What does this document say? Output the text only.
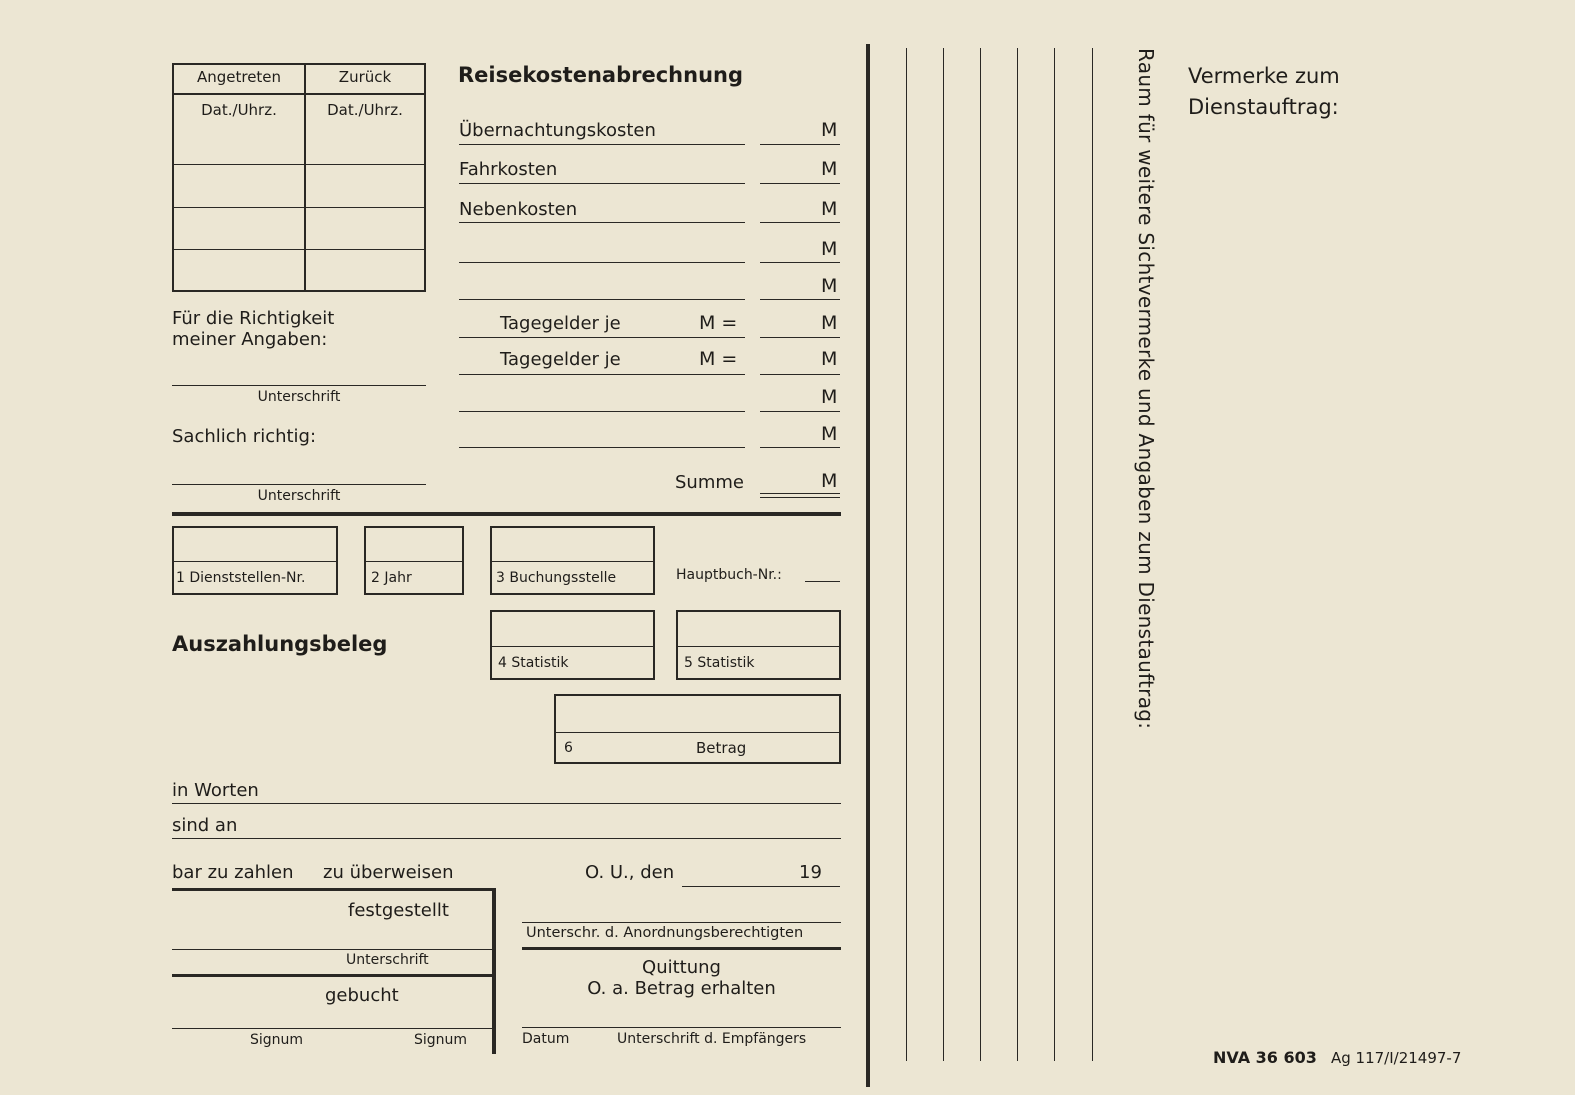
Angetreten	Zurück
Dat./Uhrz.	Dat./Uhrz.
Für die Richtigkeit
meiner Angaben:
Unterschrift
Sachlich richtig:
Unterschrift
Reisekostenabrechnung
Übernachtungskosten	M
Fahrkosten	M
Nebenkosten	M
M
M
Tagegelder je	M =	M
Tagegelder je	M =	M
M
M
Summe	M
1 Dienststellen-Nr.	2 Jahr	3 Buchungsstelle	Hauptbuch-Nr.:
Auszahlungsbeleg
4 Statistik	5 Statistik
6	Betrag
in Worten
sind an
bar zu zahlen zu überweisen	O. U., den	19
festgestellt
Unterschrift
gebucht
Signum	Signum
Unterschr. d. Anordnungsberechtigten
Quittung
O. a. Betrag erhalten
Datum	Unterschrift d. Empfängers
Raum für weitere Sichtvermerke und Angaben zum Dienstauftrag: Vermerke zum
Dienstauftrag:
NVA 36 603 Ag 117/I/21497-7
